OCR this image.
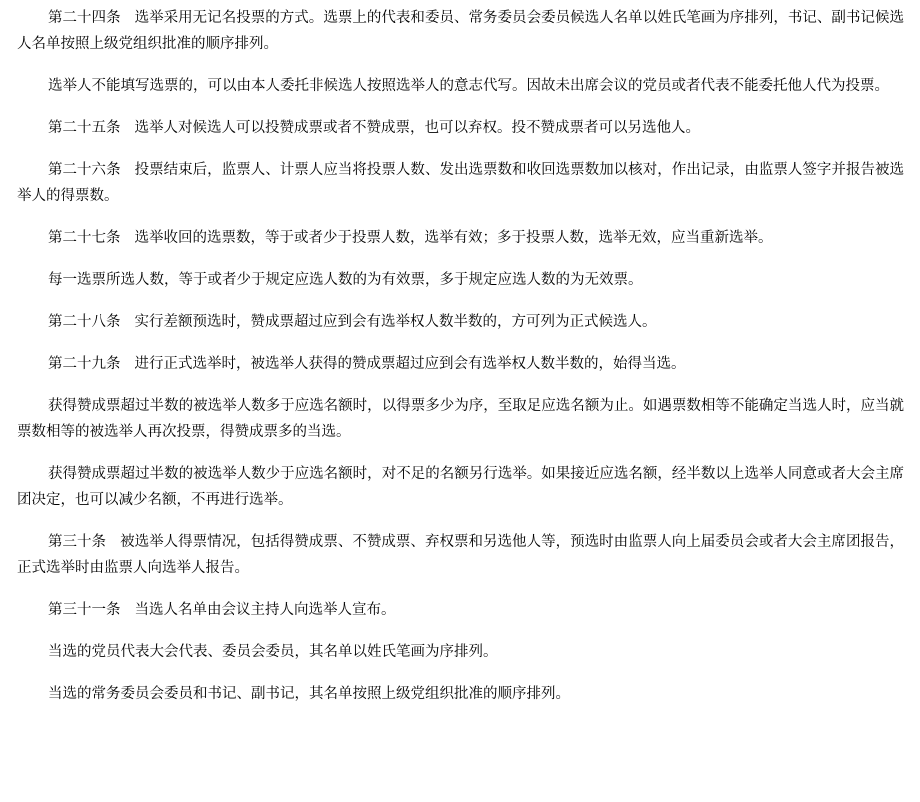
第二十四条 选举采用无记名投票的方式。选票上的代表和委员、常务委员会委员候选人名单以姓氏笔画为序排列，书记、副书记候选人名单按照上级党组织批准的顺序排列。

选举人不能填写选票的，可以由本人委托非候选人按照选举人的意志代写。因故未出席会议的党员或者代表不能委托他人代为投票。

第二十五条 选举人对候选人可以投赞成票或者不赞成票，也可以弃权。投不赞成票者可以另选他人。

第二十六条 投票结束后，监票人、计票人应当将投票人数、发出选票数和收回选票数加以核对，作出记录，由监票人签字并报告被选举人的得票数。

第二十七条 选举收回的选票数，等于或者少于投票人数，选举有效；多于投票人数，选举无效，应当重新选举。

每一选票所选人数，等于或者少于规定应选人数的为有效票，多于规定应选人数的为无效票。

第二十八条 实行差额预选时，赞成票超过应到会有选举权人数半数的，方可列为正式候选人。

第二十九条 进行正式选举时，被选举人获得的赞成票超过应到会有选举权人数半数的，始得当选。

获得赞成票超过半数的被选举人数多于应选名额时，以得票多少为序，至取足应选名额为止。如遇票数相等不能确定当选人时，应当就票数相等的被选举人再次投票，得赞成票多的当选。

获得赞成票超过半数的被选举人数少于应选名额时，对不足的名额另行选举。如果接近应选名额，经半数以上选举人同意或者大会主席团决定，也可以减少名额，不再进行选举。

第三十条 被选举人得票情况，包括得赞成票、不赞成票、弃权票和另选他人等，预选时由监票人向上届委员会或者大会主席团报告，正式选举时由监票人向选举人报告。

第三十一条 当选人名单由会议主持人向选举人宣布。

当选的党员代表大会代表、委员会委员，其名单以姓氏笔画为序排列。

当选的常务委员会委员和书记、副书记，其名单按照上级党组织批准的顺序排列。
